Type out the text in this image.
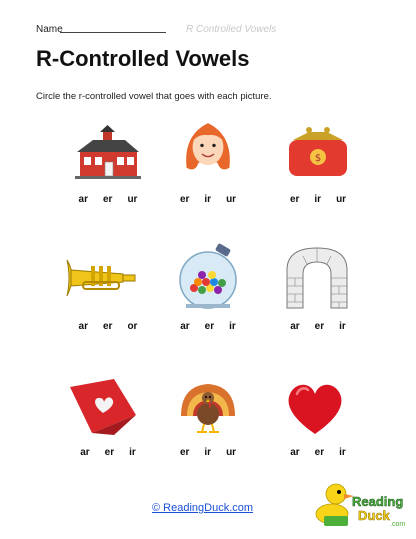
Name	R Controlled Vowels
R-Controlled Vowels
Circle the r-controlled vowel that goes with each picture.
ar er ur	er ir ur
$
er ir ur
ar er or	ar er ir	ar er ir
ar er ir	er ir ur	ar er ir
© ReadingDuck.com	Reading
Duck
.com
